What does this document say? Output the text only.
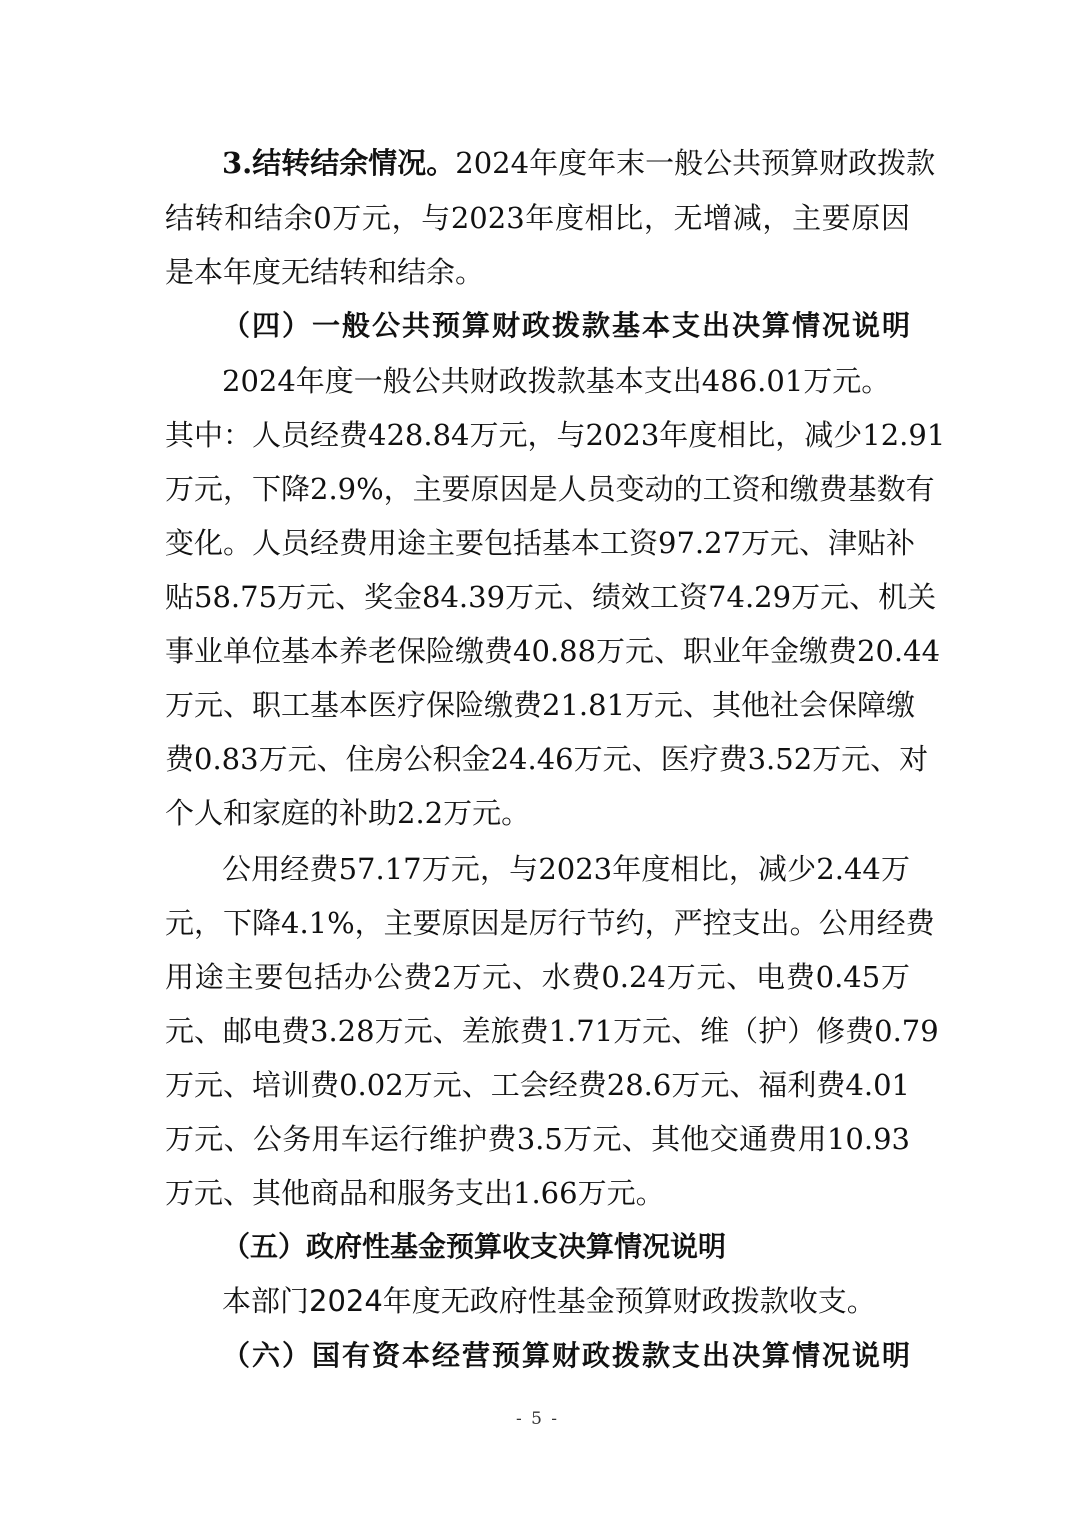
3.结转结余情况。2024年度年末一般公共预算财政拨款
结转和结余0万元，与2023年度相比，无增减，主要原因
是本年度无结转和结余。
（四）一般公共预算财政拨款基本支出决算情况说明
2024年度一般公共财政拨款基本支出486.01万元。
其中：人员经费428.84万元，与2023年度相比，减少12.91
万元，下降2.9%，主要原因是人员变动的工资和缴费基数有
变化。人员经费用途主要包括基本工资97.27万元、津贴补
贴58.75万元、奖金84.39万元、绩效工资74.29万元、机关
事业单位基本养老保险缴费40.88万元、职业年金缴费20.44
万元、职工基本医疗保险缴费21.81万元、其他社会保障缴
费0.83万元、住房公积金24.46万元、医疗费3.52万元、对
个人和家庭的补助2.2万元。
公用经费57.17万元，与2023年度相比，减少2.44万
元，下降4.1%，主要原因是厉行节约，严控支出。公用经费
用途主要包括办公费2万元、水费0.24万元、电费0.45万
元、邮电费3.28万元、差旅费1.71万元、维（护）修费0.79
万元、培训费0.02万元、工会经费28.6万元、福利费4.01
万元、公务用车运行维护费3.5万元、其他交通费用10.93
万元、其他商品和服务支出1.66万元。
（五）政府性基金预算收支决算情况说明
本部门2024年度无政府性基金预算财政拨款收支。
（六）国有资本经营预算财政拨款支出决算情况说明
- 5 -
